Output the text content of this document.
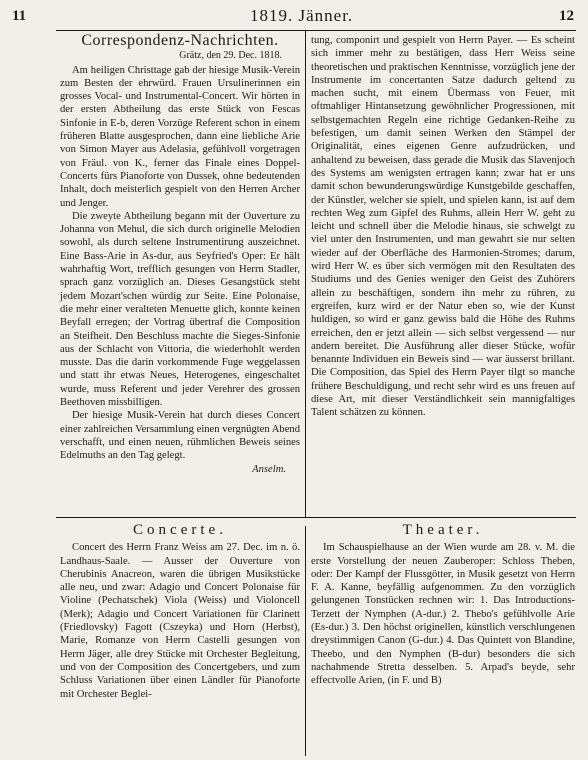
11	1819. Jänner.	12
Correspondenz-Nachrichten.
Grätz, den 29. Dec. 1818.

Am heiligen Christtage gab der hiesige Musik-Verein zum Besten der ehrwürd. Frauen Ursulinerinnen ein grosses Vocal- und Instrumental-Concert. Wir hörten in der ersten Abtheilung das erste Stück von Fescas Sinfonie in E-b, deren Vorzüge Referent schon in einem früheren Blatte ausgesprochen, dann eine liebliche Arie von Simon Mayer aus Adelasia, gefühlvoll vorgetragen von Fräul. von K., ferner das Finale eines Doppel-Concerts fürs Pianoforte von Dussek, ohne bedeutenden Inhalt, doch meisterlich gespielt von den Herren Archer und Jenger.

Die zweyte Abtheilung begann mit der Ouverture zu Johanna von Mehul, die sich durch originelle Melodien sowohl, als durch seltene Instrumentirung auszeichnet. Eine Bass-Arie in As-dur, aus Seyfried's Oper: Er hält wahrhaftig Wort, trefflich gesungen von Herrn Stadler, sprach ganz vorzüglich an. Dieses Gesangstück steht jedem Mozart'schen würdig zur Seite. Eine Polonaise, die mehr einer veralteten Menuette glich, konnte keinen Beyfall erregen; der Vortrag übertraf die Composition an Steifheit. Den Beschluss machte die Sieges-Sinfonie aus der Schlacht von Vittoria, die wiederhohlt werden musste. Das die darin vorkommende Fuge weggelassen und statt ihr etwas Neues, Heterogenes, eingeschaltet wurde, muss Referent und jeder Verehrer des grossen Beethoven missbilligen.

Der hiesige Musik-Verein hat durch dieses Concert einer zahlreichen Versammlung einen vergnügten Abend verschafft, und einen neuen, rühmlichen Beweis seines Edelmuths an den Tag gelegt.

Anselm.

tung, componirt und gespielt von Herrn Payer. — Es scheint sich immer mehr zu bestätigen, dass Herr Weiss seine theoretischen und praktischen Kenntnisse, vorzüglich jene der Instrumente im concertanten Satze dadurch geltend zu machen sucht, mit einem Übermass von Feuer, mit oftmahliger Hintansetzung gewöhnlicher Progressionen, mit selbstgemachten Regeln eine richtige Gedanken-Reihe zu befestigen, um damit seinen Werken den Stämpel der Originalität, eines eigenen Genre aufzudrücken, und anhaltend zu beweisen, dass gerade die Musik das Slavenjoch des Systems am wenigsten ertragen kann; zwar hat er uns damit schon bewunderungswürdige Kunstgebilde geschaffen, der Künstler, welcher sie spielt, und spielen kann, ist auf dem rechten Weg zum Gipfel des Ruhms, allein Herr W. geht zu leicht und schnell über die Melodie hinaus, sie schwelgt zu viel unter den Instrumenten, und man gewahrt sie nur selten wieder auf der Oberfläche des Harmonien-Stromes; darum, wird Herr W. es über sich vermögen mit den Resultaten des Studiums und des Genies weniger den Geist des Zuhörers allein zu beschäftigen, sondern ihn mehr zu rühren, zu ergreifen, kurz wird er der Natur eben so, wie der Kunst huldigen, so wird er ganz gewiss bald die Höhe des Ruhms erreichen, den er jetzt allein — sich selbst vergessend — nur andern bereitet. Die Ausführung aller dieser Stücke, wofür benannte Individuen ein Beweis sind — war äusserst brillant. Die Composition, das Spiel des Herrn Payer tilgt so manche frühere Beschuldigung, und recht sehr wird es uns freuen auf diese Art, mit dieser Verständlichkeit sein mannigfaltiges Talent schätzen zu können.

Concerte.

Concert des Herrn Franz Weiss am 27. Dec. im n. ö. Landhaus-Saale. — Ausser der Ouverture von Cherubinis Anacreon, waren die übrigen Musikstücke alle neu, und zwar: Adagio und Concert Polonaise für Violine (Pechatschek) Viola (Weiss) und Violoncell (Merk); Adagio und Concert Variationen für Clarinett (Friedlovsky) Fagott (Cszeyka) und Horn (Herbst), Marie, Romanze von Herrn Castelli gesungen von Herrn Jäger, alle drey Stücke mit Orchester Begleitung, und von der Composition des Concertgebers, und zum Schluss Variationen über einen Ländler für Pianoforte mit Orchester Beglei-

Theater.

Im Schauspielhause an der Wien wurde am 28. v. M. die erste Vorstellung der neuen Zauberoper: Schloss Theben, oder: Der Kampf der Flussgötter, in Musik gesetzt von Herrn F. A. Kanne, beyfällig aufgenommen. Zu den vorzüglich gelungenen Tonstücken rechnen wir: 1. Das Introductions-Terzett der Nymphen (A-dur.) 2. Thebo's gefühlvolle Arie (Es-dur.) 3. Den höchst originellen, künstlich verschlungenen dreystimmigen Canon (G-dur.) 4. Das Quintett von Blandine, Theebo, und den Nymphen (B-dur) besonders die sich nachahmende Stretta desselben. 5. Arpad's beyde, sehr effectvolle Arien, (in F. und B)
